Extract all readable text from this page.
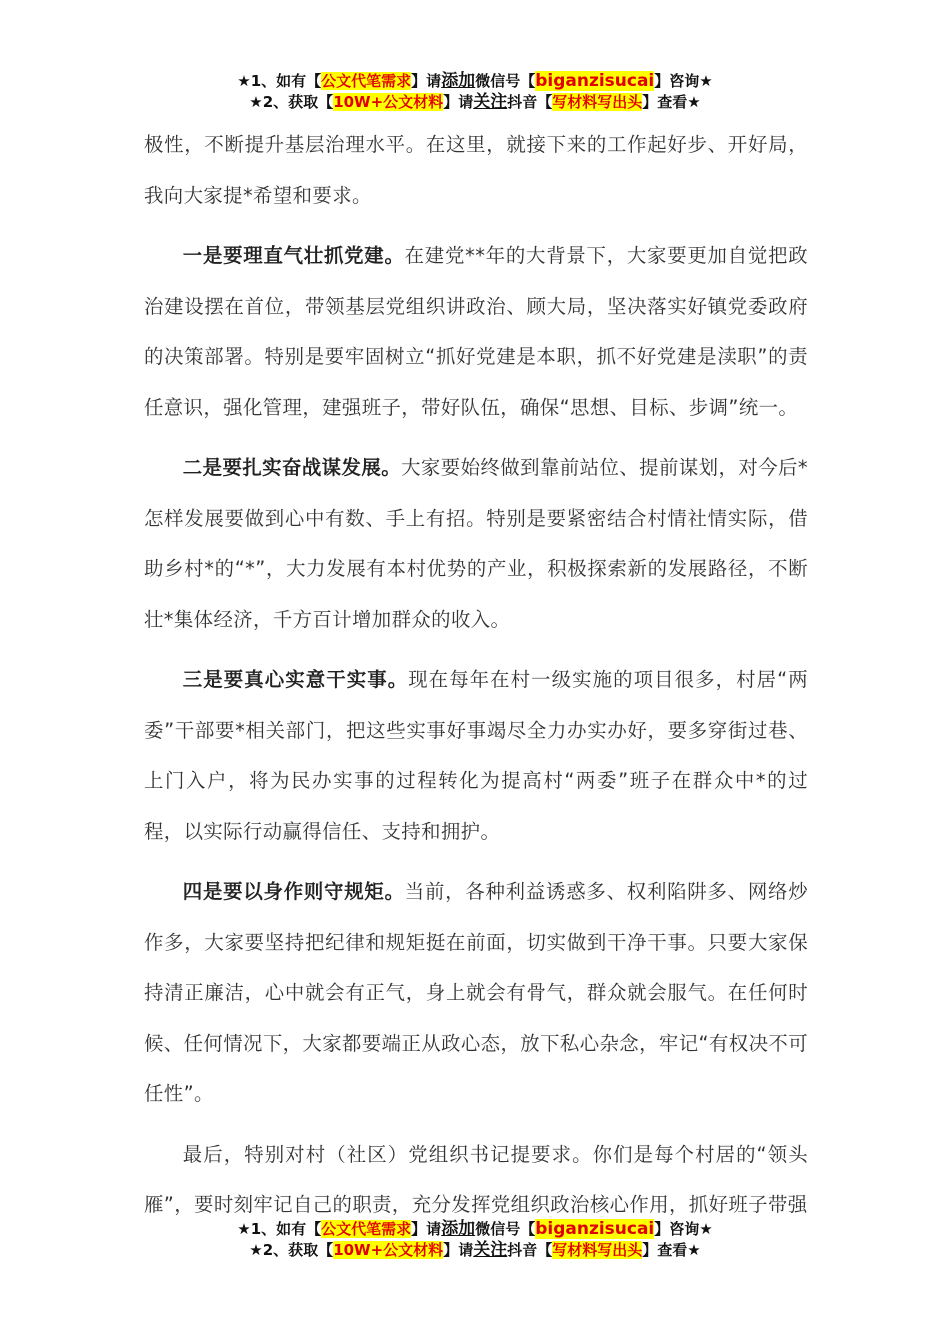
★1、如有【公文代笔需求】请添加微信号【biganzisucai】咨询★
★2、获取【10W+公文材料】请关注抖音【写材料写出头】查看★

极性，不断提升基层治理水平。在这里，就接下来的工作起好步、开好局，我向大家提*希望和要求。

一是要理直气壮抓党建。在建党**年的大背景下，大家要更加自觉把政治建设摆在首位，带领基层党组织讲政治、顾大局，坚决落实好镇党委政府的决策部署。特别是要牢固树立“抓好党建是本职，抓不好党建是渎职”的责任意识，强化管理，建强班子，带好队伍，确保“思想、目标、步调”统一。

二是要扎实奋战谋发展。大家要始终做到靠前站位、提前谋划，对今后*怎样发展要做到心中有数、手上有招。特别是要紧密结合村情社情实际，借助乡村*的“*”，大力发展有本村优势的产业，积极探索新的发展路径，不断壮*集体经济，千方百计增加群众的收入。

三是要真心实意干实事。现在每年在村一级实施的项目很多，村居“两委”干部要*相关部门，把这些实事好事竭尽全力办实办好，要多穿街过巷、上门入户，将为民办实事的过程转化为提高村“两委”班子在群众中*的过程，以实际行动赢得信任、支持和拥护。

四是要以身作则守规矩。当前，各种利益诱惑多、权利陷阱多、网络炒作多，大家要坚持把纪律和规矩挺在前面，切实做到干净干事。只要大家保持清正廉洁，心中就会有正气，身上就会有骨气，群众就会服气。在任何时候、任何情况下，大家都要端正从政心态，放下私心杂念，牢记“有权决不可任性”。

最后，特别对村（社区）党组织书记提要求。你们是每个村居的“领头雁”，要时刻牢记自己的职责，充分发挥党组织政治核心作用，抓好班子带强

★1、如有【公文代笔需求】请添加微信号【biganzisucai】咨询★
★2、获取【10W+公文材料】请关注抖音【写材料写出头】查看★
